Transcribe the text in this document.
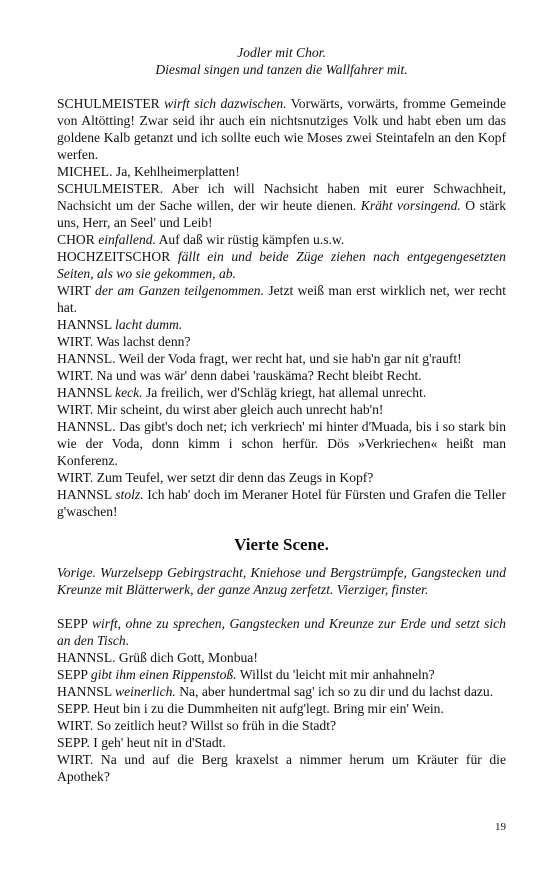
Jodler mit Chor.
Diesmal singen und tanzen die Wallfahrer mit.

SCHULMEISTER wirft sich dazwischen. Vorwärts, vorwärts, fromme Gemeinde von Altötting! Zwar seid ihr auch ein nichtsnutziges Volk und habt eben um das goldene Kalb getanzt und ich sollte euch wie Moses zwei Steintafeln an den Kopf werfen.

MICHEL. Ja, Kehlheimerplatten!

SCHULMEISTER. Aber ich will Nachsicht haben mit eurer Schwachheit, Nachsicht um der Sache willen, der wir heute dienen. Kräht vorsingend. O stärk uns, Herr, an Seel' und Leib!

CHOR einfallend. Auf daß wir rüstig kämpfen u.s.w.

HOCHZEITSCHOR fällt ein und beide Züge ziehen nach entgegengesetzten Seiten, als wo sie gekommen, ab.

WIRT der am Ganzen teilgenommen. Jetzt weiß man erst wirklich net, wer recht hat.

HANNSL lacht dumm.

WIRT. Was lachst denn?

HANNSL. Weil der Voda fragt, wer recht hat, und sie hab'n gar nit g'rauft!

WIRT. Na und was wär' denn dabei 'rauskäma? Recht bleibt Recht.

HANNSL keck. Ja freilich, wer d'Schläg kriegt, hat allemal unrecht.

WIRT. Mir scheint, du wirst aber gleich auch unrecht hab'n!

HANNSL. Das gibt's doch net; ich verkriech' mi hinter d'Muada, bis i so stark bin wie der Voda, donn kimm i schon herfür. Dös »Verkriechen« heißt man Konferenz.

WIRT. Zum Teufel, wer setzt dir denn das Zeugs in Kopf?

HANNSL stolz. Ich hab' doch im Meraner Hotel für Fürsten und Grafen die Teller g'waschen!

Vierte Scene.

Vorige. Wurzelsepp Gebirgstracht, Kniehose und Bergstrümpfe, Gangstecken und Kreunze mit Blätterwerk, der ganze Anzug zerfetzt. Vierziger, finster.

SEPP wirft, ohne zu sprechen, Gangstecken und Kreunze zur Erde und setzt sich an den Tisch.

HANNSL. Grüß dich Gott, Monbua!

SEPP gibt ihm einen Rippenstoß. Willst du 'leicht mit mir anhahneln?

HANNSL weinerlich. Na, aber hundertmal sag' ich so zu dir und du lachst dazu.

SEPP. Heut bin i zu die Dummheiten nit aufg'legt. Bring mir ein' Wein.

WIRT. So zeitlich heut? Willst so früh in die Stadt?

SEPP. I geh' heut nit in d'Stadt.

WIRT. Na und auf die Berg kraxelst a nimmer herum um Kräuter für die Apothek?

19
